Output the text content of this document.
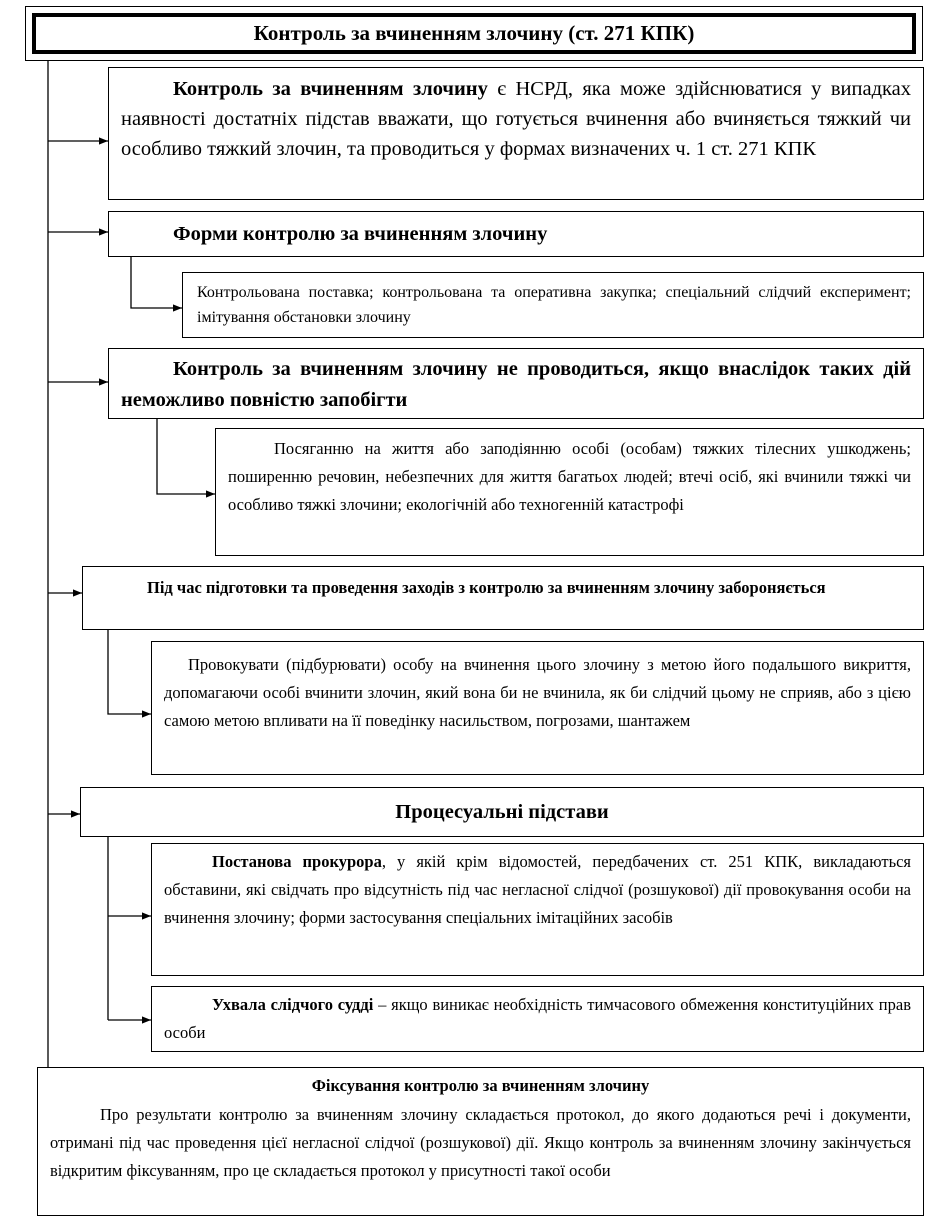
Контроль за вчиненням злочину (ст. 271 КПК)
Контроль за вчиненням злочину є НСРД, яка може здійснюватися у випадках наявності достатніх підстав вважати, що готується вчинення або вчиняється тяжкий чи особливо тяжкий злочин, та проводиться у формах визначених ч. 1 ст. 271 КПК
Форми контролю за вчиненням злочину
Контрольована поставка; контрольована та оперативна закупка; спеціальний слідчий експеримент; імітування обстановки злочину
Контроль за вчиненням злочину не проводиться, якщо внаслідок таких дій неможливо повністю запобігти
Посяганню на життя або заподіянню особі (особам) тяжких тілесних ушкоджень; поширенню речовин, небезпечних для життя багатьох людей; втечі осіб, які вчинили тяжкі чи особливо тяжкі злочини; екологічній або техногенній катастрофі
Під час підготовки та проведення заходів з контролю за вчиненням злочину забороняється
Провокувати (підбурювати) особу на вчинення цього злочину з метою його подальшого викриття, допомагаючи особі вчинити злочин, який вона би не вчинила, як би слідчий цьому не сприяв, або з цією самою метою впливати на її поведінку насильством, погрозами, шантажем
Процесуальні підстави
Постанова прокурора, у якій крім відомостей, передбачених ст. 251 КПК, викладаються обставини, які свідчать про відсутність під час негласної слідчої (розшукової) дії провокування особи на вчинення злочину; форми застосування спеціальних імітаційних засобів
Ухвала слідчого судді – якщо виникає необхідність тимчасового обмеження конституційних прав особи
Фіксування контролю за вчиненням злочину
Про результати контролю за вчиненням злочину складається протокол, до якого додаються речі і документи, отримані під час проведення цієї негласної слідчої (розшукової) дії. Якщо контроль за вчиненням злочину закінчується відкритим фіксуванням, про це складається протокол у присутності такої особи
